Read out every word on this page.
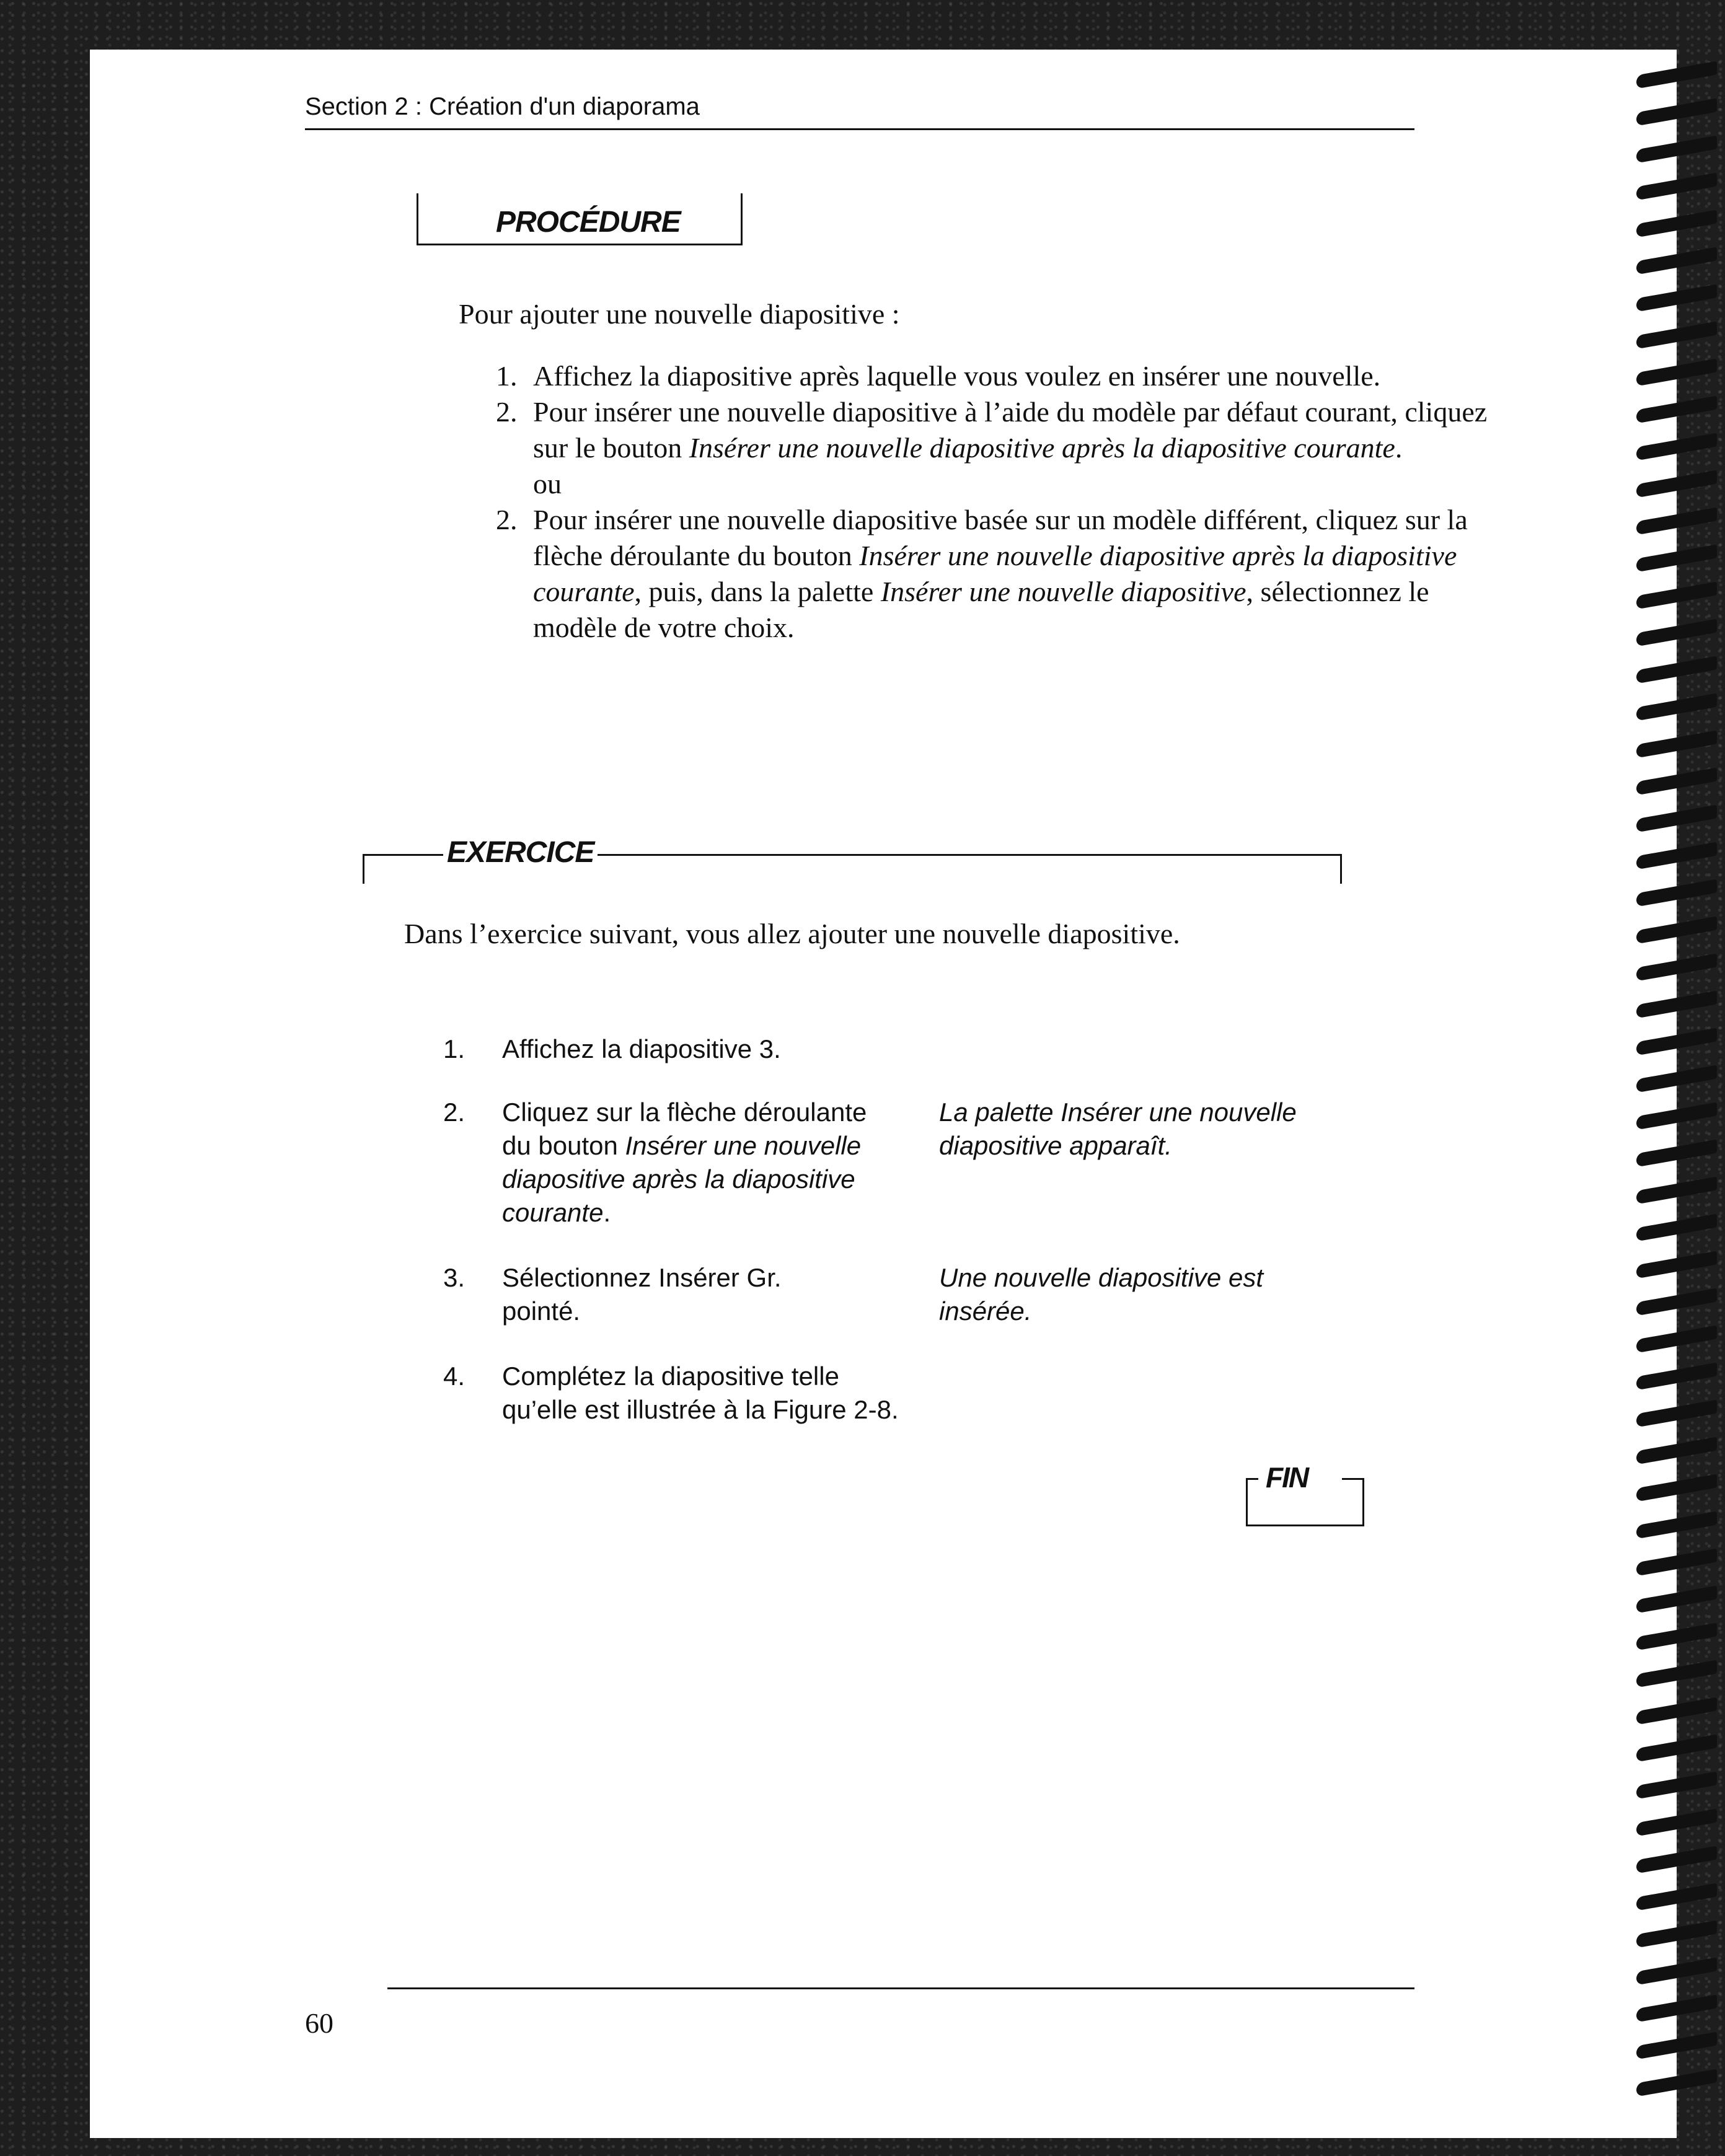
Section 2 : Création d'un diaporama
PROCÉDURE
Pour ajouter une nouvelle diapositive :
1. Affichez la diapositive après laquelle vous voulez en insérer une nouvelle.
2. Pour insérer une nouvelle diapositive à l’aide du modèle par défaut courant, cliquez sur le bouton Insérer une nouvelle diapositive après la diapositive courante.
ou
2. Pour insérer une nouvelle diapositive basée sur un modèle différent, cliquez sur la flèche déroulante du bouton Insérer une nouvelle diapositive après la diapositive courante, puis, dans la palette Insérer une nouvelle diapositive, sélectionnez le modèle de votre choix.
EXERCICE
Dans l’exercice suivant, vous allez ajouter une nouvelle diapositive.
1. Affichez la diapositive 3.
2. Cliquez sur la flèche déroulante du bouton Insérer une nouvelle diapositive après la diapositive courante.
La palette Insérer une nouvelle diapositive apparaît.
3. Sélectionnez Insérer Gr. pointé.
Une nouvelle diapositive est insérée.
4. Complétez la diapositive telle qu’elle est illustrée à la Figure 2-8.
FIN
60
